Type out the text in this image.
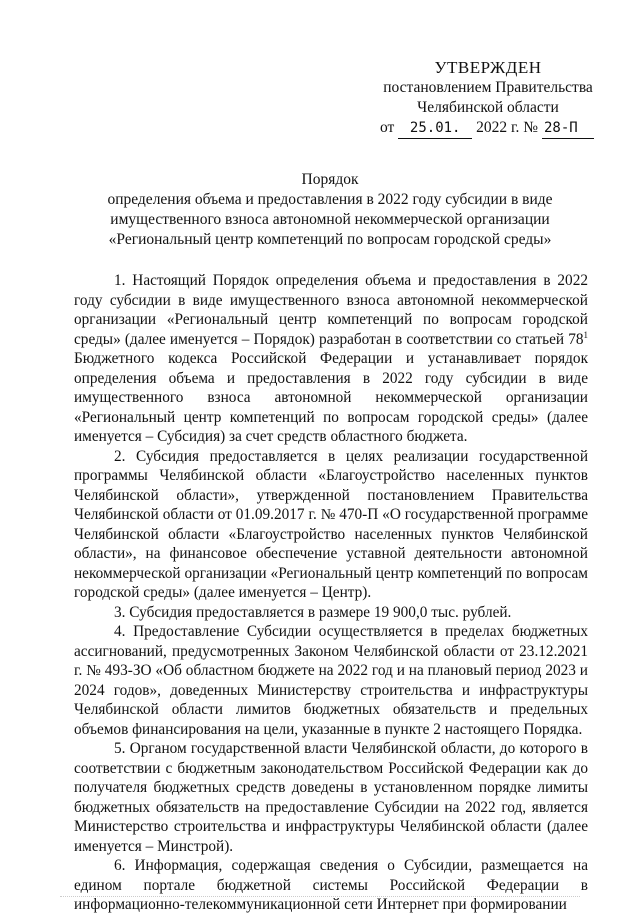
УТВЕРЖДЕН
постановлением Правительства
Челябинской области
от 25.01. 2022 г. № 28-П
Порядок
определения объема и предоставления в 2022 году субсидии в виде
имущественного взноса автономной некоммерческой организации
«Региональный центр компетенций по вопросам городской среды»

1. Настоящий Порядок определения объема и предоставления в 2022 году субсидии в виде имущественного взноса автономной некоммерческой организации «Региональный центр компетенций по вопросам городской среды» (далее именуется – Порядок) разработан в соответствии со статьей $78^1$ Бюджетного кодекса Российской Федерации и устанавливает порядок определения объема и предоставления в 2022 году субсидии в виде имущественного взноса автономной некоммерческой организации «Региональный центр компетенций по вопросам городской среды» (далее именуется – Субсидия) за счет средств областного бюджета.

2. Субсидия предоставляется в целях реализации государственной программы Челябинской области «Благоустройство населенных пунктов Челябинской области», утвержденной постановлением Правительства Челябинской области от 01.09.2017 г. № 470-П «О государственной программе Челябинской области «Благоустройство населенных пунктов Челябинской области», на финансовое обеспечение уставной деятельности автономной некоммерческой организации «Региональный центр компетенций по вопросам городской среды» (далее именуется – Центр).

3. Субсидия предоставляется в размере 19 900,0 тыс. рублей.

4. Предоставление Субсидии осуществляется в пределах бюджетных ассигнований, предусмотренных Законом Челябинской области от 23.12.2021 г. № 493-ЗО «Об областном бюджете на 2022 год и на плановый период 2023 и 2024 годов», доведенных Министерству строительства и инфраструктуры Челябинской области лимитов бюджетных обязательств и предельных объемов финансирования на цели, указанные в пункте 2 настоящего Порядка.

5. Органом государственной власти Челябинской области, до которого в соответствии с бюджетным законодательством Российской Федерации как до получателя бюджетных средств доведены в установленном порядке лимиты бюджетных обязательств на предоставление Субсидии на 2022 год, является Министерство строительства и инфраструктуры Челябинской области (далее именуется – Минстрой).

6. Информация, содержащая сведения о Субсидии, размещается на едином портале бюджетной системы Российской Федерации в информационно-телекоммуникационной сети Интернет при формировании
